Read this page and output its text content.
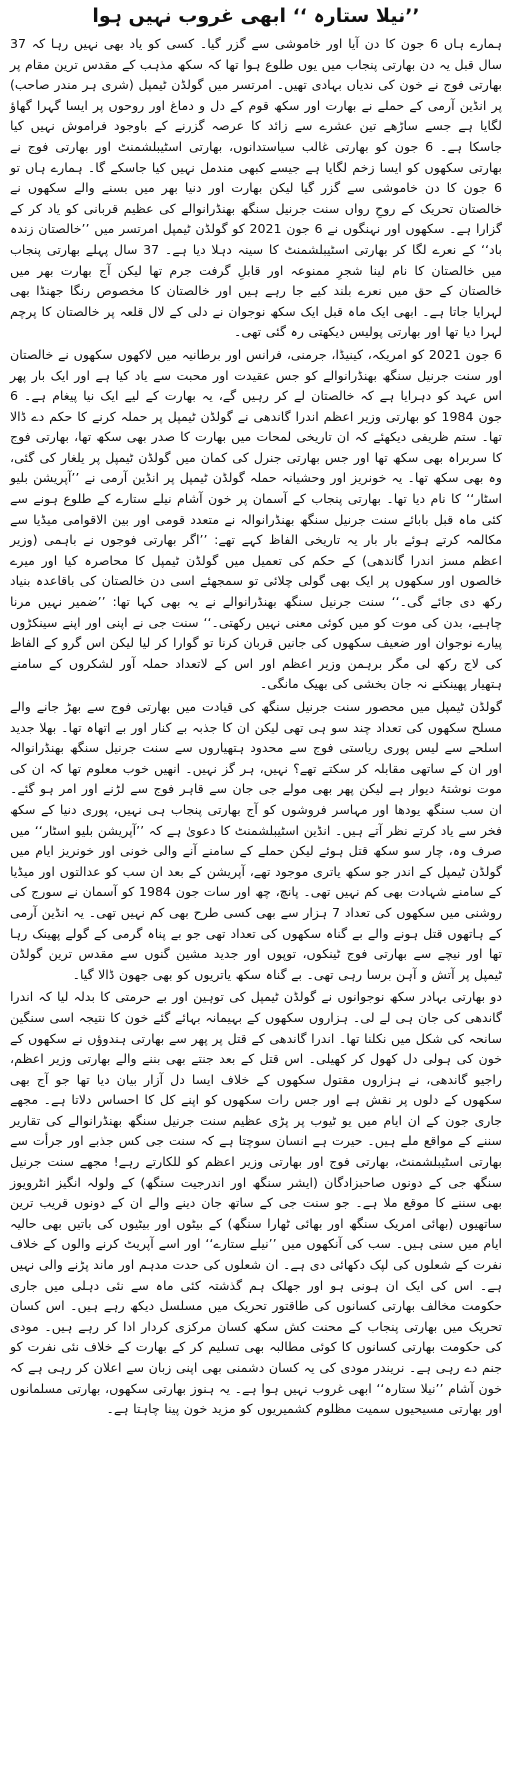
’’نیلا ستارہ ‘‘ ابھی غروب نہیں ہوا

ہمارے ہاں 6 جون کا دن آیا اور خاموشی سے گزر گیا۔ کسی کو یاد بھی نہیں رہا کہ 37 سال قبل یہ دن بھارتی پنجاب میں یوں طلوع ہوا تھا کہ سکھ مذہب کے مقدس ترین مقام پر بھارتی فوج نے خون کی ندیاں بہادی تھیں۔ امرتسر میں گولڈن ٹیمپل (شری ہر مندر صاحب) پر انڈین آرمی کے حملے نے بھارت اور سکھ قوم کے دل و دماغ اور روحوں پر ایسا گہرا گھاؤ لگایا ہے جسے ساڑھے تین عشرے سے زائد کا عرصہ گزرنے کے باوجود فراموش نہیں کیا جاسکا ہے۔ 6 جون کو بھارتی غالب سیاستدانوں، بھارتی اسٹیبلشمنٹ اور بھارتی فوج نے بھارتی سکھوں کو ایسا زخم لگایا ہے جیسے کبھی مندمل نہیں کیا جاسکے گا۔ ہمارے ہاں تو 6 جون کا دن خاموشی سے گزر گیا لیکن بھارت اور دنیا بھر میں بسنے والے سکھوں نے خالصتان تحریک کے روحِ رواں سنت جرنیل سنگھ بھنڈرانوالے کی عظیم قربانی کو یاد کر کے گزارا ہے۔ سکھوں اور نہنگوں نے 6 جون 2021 کو گولڈن ٹیمپل امرتسر میں ’’خالصتان زندہ باد‘‘ کے نعرے لگا کر بھارتی اسٹیبلشمنٹ کا سینہ دہلا دیا ہے۔ 37 سال پہلے بھارتی پنجاب میں خالصتان کا نام لینا شجرِ ممنوعہ اور قابلِ گرفت جرم تھا لیکن آج بھارت بھر میں خالصتان کے حق میں نعرے بلند کیے جا رہے ہیں اور خالصتان کا مخصوص رنگا جھنڈا بھی لہرایا جاتا ہے۔ ابھی ایک ماہ قبل ایک سکھ نوجوان نے دلی کے لال قلعہ پر خالصتان کا پرچم لہرا دیا تھا اور بھارتی پولیس دیکھتی رہ گئی تھی۔

6 جون 2021 کو امریکہ، کینیڈا، جرمنی، فرانس اور برطانیہ میں لاکھوں سکھوں نے خالصتان اور سنت جرنیل سنگھ بھنڈرانوالے کو جس عقیدت اور محبت سے یاد کیا ہے اور ایک بار پھر اس عہد کو دہرایا ہے کہ خالصتان لے کر رہیں گے، یہ بھارت کے لیے ایک نیا پیغام ہے۔ 6 جون 1984 کو بھارتی وزیر اعظم اندرا گاندھی نے گولڈن ٹیمپل پر حملہ کرنے کا حکم دے ڈالا تھا۔ ستم ظریفی دیکھئے کہ ان تاریخی لمحات میں بھارت کا صدر بھی سکھ تھا، بھارتی فوج کا سربراہ بھی سکھ تھا اور جس بھارتی جنرل کی کمان میں گولڈن ٹیمپل پر یلغار کی گئی، وہ بھی سکھ تھا۔ یہ خونریز اور وحشیانہ حملہ گولڈن ٹیمپل پر انڈین آرمی نے ’’آپریشن بلیو اسٹار‘‘ کا نام دیا تھا۔ بھارتی پنجاب کے آسمان پر خون آشام نیلے ستارے کے طلوع ہونے سے کئی ماہ قبل بابائے سنت جرنیل سنگھ بھنڈرانوالہ نے متعدد قومی اور بین الاقوامی میڈیا سے مکالمہ کرتے ہوئے بار بار یہ تاریخی الفاظ کہے تھے: ’’اگر بھارتی فوجوں نے باہمی (وزیر اعظم مسز اندرا گاندھی) کے حکم کی تعمیل میں گولڈن ٹیمپل کا محاصرہ کیا اور میرے خالصوں اور سکھوں پر ایک بھی گولی چلائی تو سمجھئے اسی دن خالصتان کی باقاعدہ بنیاد رکھ دی جائے گی۔‘‘ سنت جرنیل سنگھ بھنڈرانوالے نے یہ بھی کہا تھا: ’’ضمیر نہیں مرنا چاہیے، بدن کی موت کو میں کوئی معنی نہیں رکھتی۔‘‘ سنت جی نے اپنی اور اپنے سینکڑوں پیارے نوجوان اور ضعیف سکھوں کی جانیں قربان کرنا تو گوارا کر لیا لیکن اس گرو کے الفاظ کی لاج رکھ لی مگر برہمن وزیر اعظم اور اس کے لاتعداد حملہ آور لشکروں کے سامنے ہتھیار پھینکنے نہ جان بخشی کی بھیک مانگی۔

گولڈن ٹیمپل میں محصور سنت جرنیل سنگھ کی قیادت میں بھارتی فوج سے بھڑ جانے والے مسلح سکھوں کی تعداد چند سو ہی تھی لیکن ان کا جذبہ بے کنار اور بے اتھاہ تھا۔ بھلا جدید اسلحے سے لیس پوری ریاستی فوج سے محدود ہتھیاروں سے سنت جرنیل سنگھ بھنڈرانوالہ اور ان کے ساتھی مقابلہ کر سکتے تھے؟ نہیں، ہر گز نہیں۔ انھیں خوب معلوم تھا کہ ان کی موت نوشتۂ دیوار ہے لیکن پھر بھی مولے جی جان سے قاہر فوج سے لڑنے اور امر ہو گئے۔ ان سب سنگھ یودھا اور مہاسر فروشوں کو آج بھارتی پنجاب ہی نہیں، پوری دنیا کے سکھ فخر سے یاد کرتے نظر آتے ہیں۔ انڈین اسٹیبلشمنٹ کا دعویٰ ہے کہ ’’آپریشن بلیو اسٹار‘‘ میں صرف وہ، چار سو سکھ قتل ہوئے لیکن حملے کے سامنے آنے والی خونی اور خونریز ایام میں گولڈن ٹیمپل کے اندر جو سکھ یاتری موجود تھے، آپریشن کے بعد ان سب کو عدالتوں اور میڈیا کے سامنے شہادت بھی کم نہیں تھی۔ پانچ، چھ اور سات جون 1984 کو آسمان نے سورج کی روشنی میں سکھوں کی تعداد 7 ہزار سے بھی کسی طرح بھی کم نہیں تھی۔ یہ انڈین آرمی کے ہاتھوں قتل ہونے والے بے گناہ سکھوں کی تعداد تھی جو بے پناہ گرمی کے گولے پھینک رہا تھا اور نیچے سے بھارتی فوج ٹینکوں، توپوں اور جدید مشین گنوں سے مقدس ترین گولڈن ٹیمپل پر آتش و آہن برسا رہی تھی۔ بے گناہ سکھ یاتریوں کو بھی جھون ڈالا گیا۔

دو بھارتی بہادر سکھ نوجوانوں نے گولڈن ٹیمپل کی توہین اور بے حرمتی کا بدلہ لیا کہ اندرا گاندھی کی جان ہی لے لی۔ ہزاروں سکھوں کے بہیمانہ بہائے گئے خون کا نتیجہ اسی سنگین سانحہ کی شکل میں نکلنا تھا۔ اندرا گاندھی کے قتل پر پھر سے بھارتی ہندوؤں نے سکھوں کے خون کی ہولی دل کھول کر کھیلی۔ اس قتل کے بعد جنتے بھی بننے والے بھارتی وزیر اعظم، راجیو گاندھی، نے ہزاروں مقتول سکھوں کے خلاف ایسا دل آزار بیان دیا تھا جو آج بھی سکھوں کے دلوں پر نقش ہے اور جس رات سکھوں کو اپنے کل کا احساس دلاتا ہے۔ مجھے جاری جون کے ان ایام میں یو ٹیوب پر پڑی عظیم سنت جرنیل سنگھ بھنڈرانوالے کی تقاریر سننے کے مواقع ملے ہیں۔ حیرت ہے انسان سوچتا ہے کہ سنت جی کس جذبے اور جرأت سے بھارتی اسٹیبلشمنٹ، بھارتی فوج اور بھارتی وزیر اعظم کو للکارتے رہے! مجھے سنت جرنیل سنگھ جی کے دونوں صاحبزادگان (ایشر سنگھ اور اندرجیت سنگھ) کے ولولہ انگیز انٹرویوز بھی سننے کا موقع ملا ہے۔ جو سنت جی کے ساتھ جان دینے والے ان کے دونوں قریب ترین ساتھیوں (بھائی امریک سنگھ اور بھائی ٹھارا سنگھ) کے بیٹوں اور بیٹیوں کی باتیں بھی حالیہ ایام میں سنی ہیں۔ سب کی آنکھوں میں ’’نیلے ستارے‘‘ اور اسے آپریٹ کرنے والوں کے خلاف نفرت کے شعلوں کی لپک دکھائی دی ہے۔ ان شعلوں کی حدت مدہم اور ماند پڑنے والی نہیں ہے۔ اس کی ایک ان ہونی ہو اور جھلک ہم گذشتہ کئی ماہ سے نئی دہلی میں جاری حکومت مخالف بھارتی کسانوں کی طاقتور تحریک میں مسلسل دیکھ رہے ہیں۔ اس کسان تحریک میں بھارتی پنجاب کے محنت کش سکھ کسان مرکزی کردار ادا کر رہے ہیں۔ مودی کی حکومت بھارتی کسانوں کا کوئی مطالبہ بھی تسلیم کر کے بھارت کے خلاف نئی نفرت کو جنم دے رہی ہے۔ نریندر مودی کی یہ کسان دشمنی بھی اپنی زبان سے اعلان کر رہی ہے کہ خون آشام ’’نیلا ستارہ‘‘ ابھی غروب نہیں ہوا ہے۔ یہ ہنوز بھارتی سکھوں، بھارتی مسلمانوں اور بھارتی مسیحیوں سمیت مظلوم کشمیریوں کو مزید خون پینا چاہتا ہے۔
